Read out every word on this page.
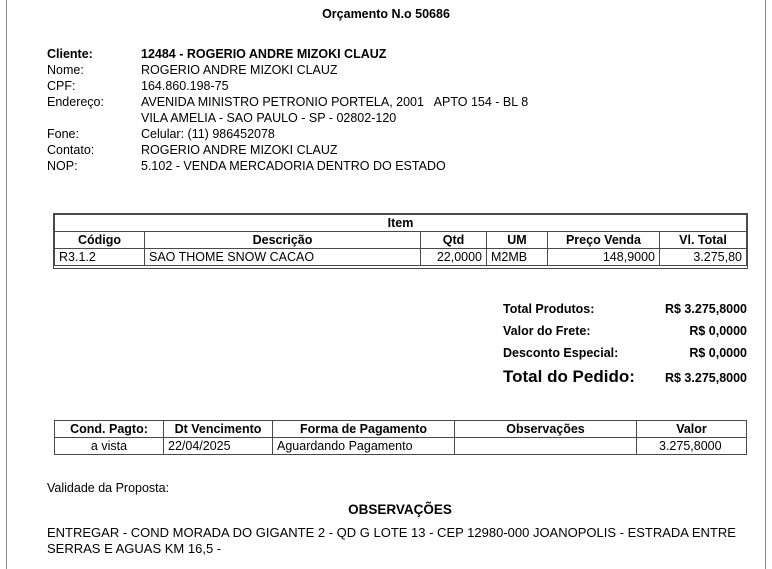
Orçamento N.o 50686
Cliente:	12484 - ROGERIO ANDRE MIZOKI CLAUZ
Nome:	ROGERIO ANDRE MIZOKI CLAUZ
CPF:	164.860.198-75
Endereço:	AVENIDA MINISTRO PETRONIO PORTELA, 2001   APTO 154 - BL 8
VILA AMELIA - SAO PAULO - SP - 02802-120
Fone:	Celular: (11) 986452078
Contato:	ROGERIO ANDRE MIZOKI CLAUZ
NOP:	5.102 - VENDA MERCADORIA DENTRO DO ESTADO
Item					
Código	Descrição	Qtd	UM	Preço Venda	Vl. Total
R3.1.2	SAO THOME SNOW CACAO	22,0000	M2MB	148,9000	3.275,80
Total Produtos:	R$ 3.275,8000
Valor do Frete:	R$ 0,0000
Desconto Especial:	R$ 0,0000
Total do Pedido: R$ 3.275,8000
Cond. Pagto:	Dt Vencimento	Forma de Pagamento	Observações	Valor
a vista	22/04/2025	Aguardando Pagamento		3.275,8000
Validade da Proposta:
OBSERVAÇÕES
ENTREGAR - COND MORADA DO GIGANTE 2 - QD G LOTE 13 - CEP 12980-000 JOANOPOLIS - ESTRADA ENTRE SERRAS E AGUAS KM 16,5 -
